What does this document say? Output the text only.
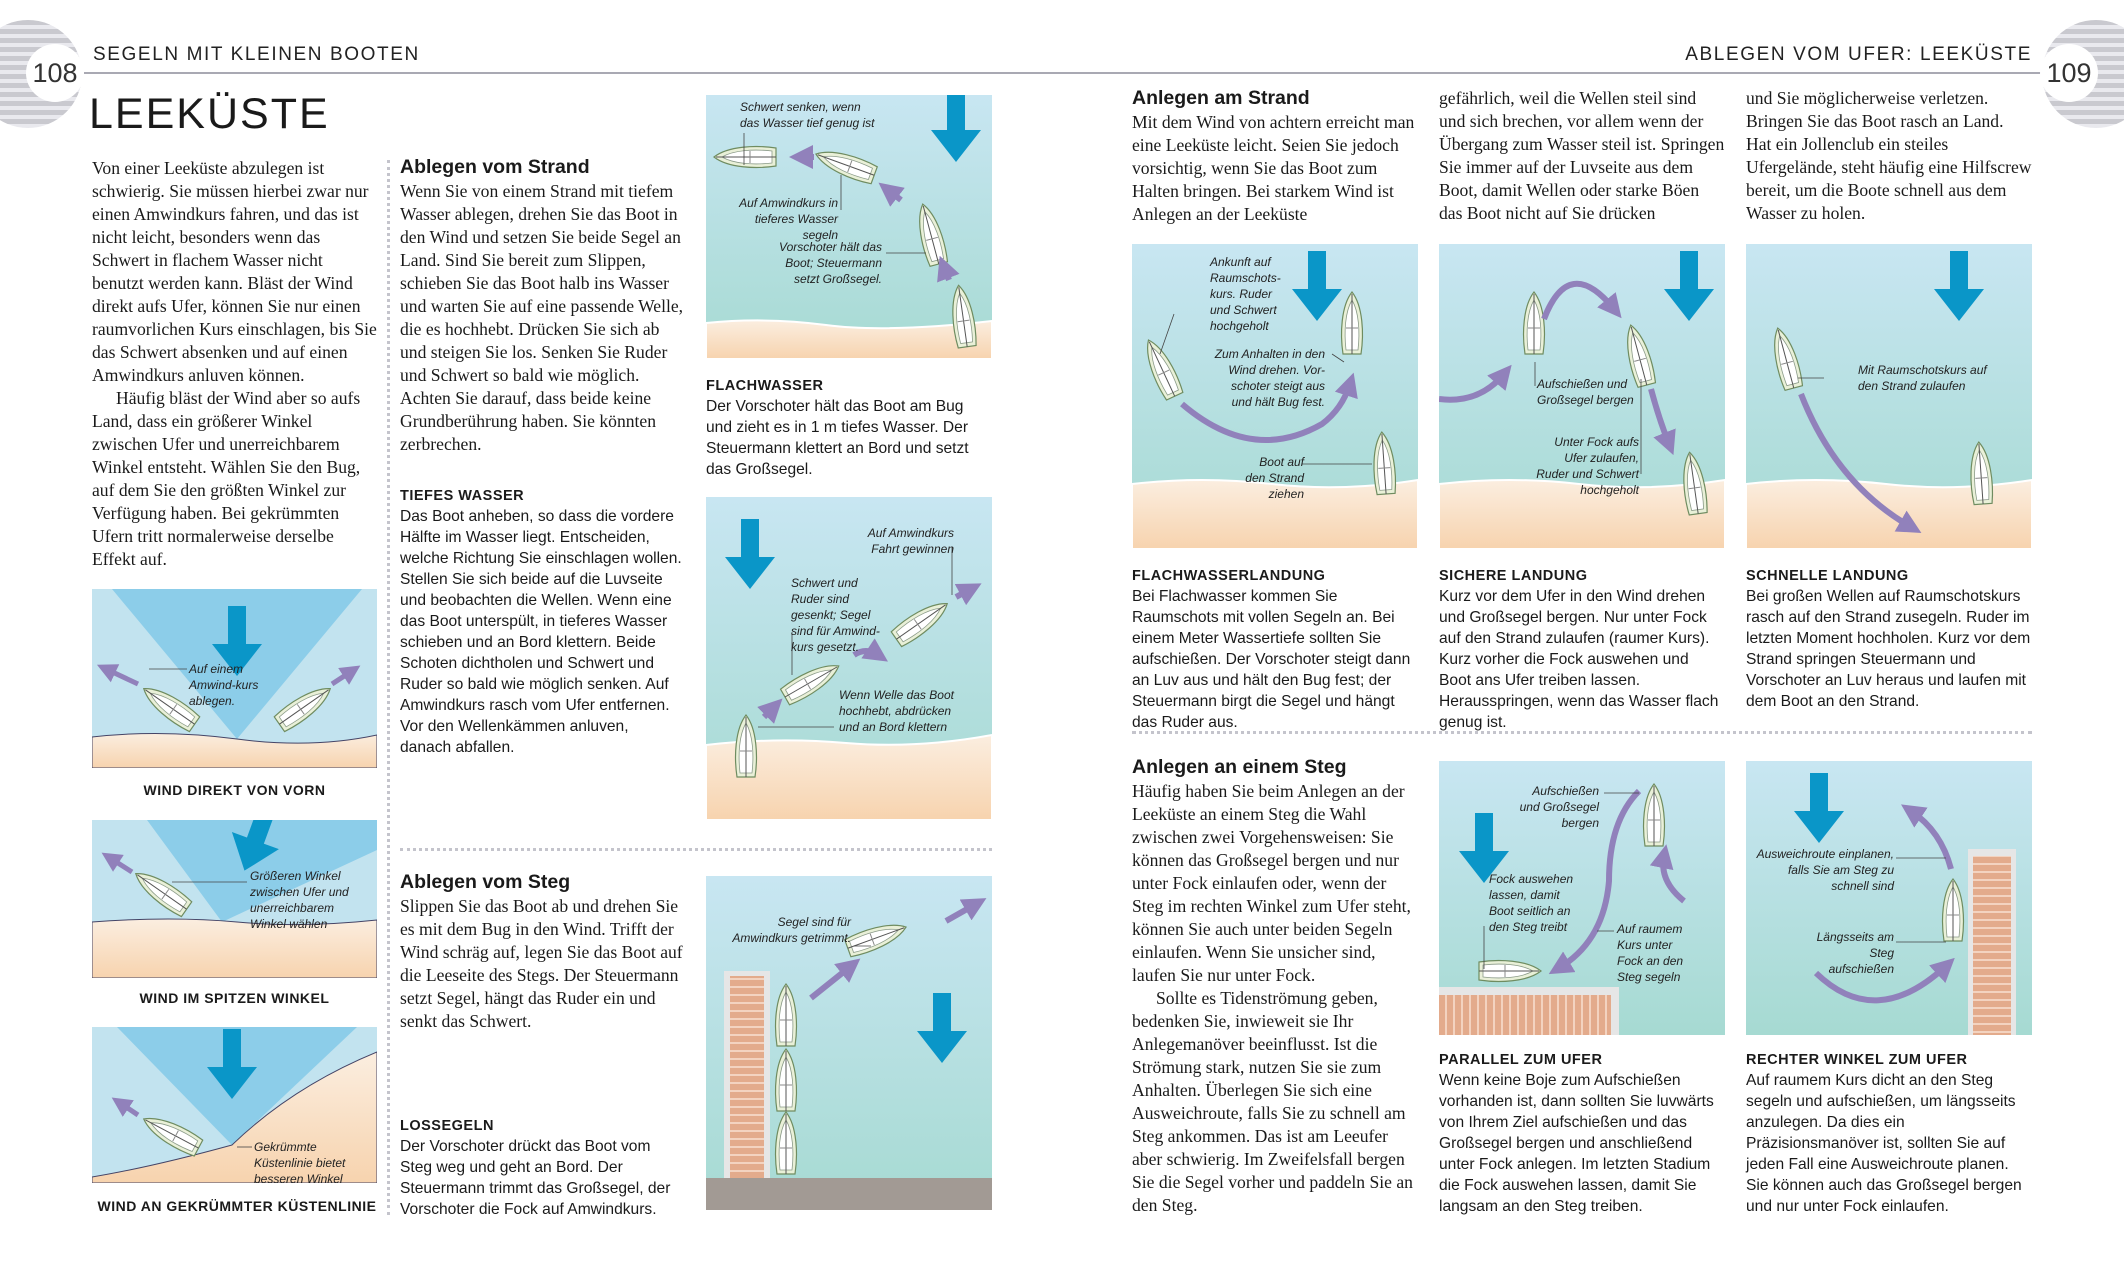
108
SEGELN MIT KLEINEN BOOTEN
LEEKÜSTE
ABLEGEN VOM UFER: LEEKÜSTE
109

Von einer Leeküste abzulegen ist schwierig. Sie müssen hierbei zwar nur einen Amwindkurs fahren, und das ist nicht leicht, besonders wenn das Schwert in flachem Wasser nicht benutzt werden kann. Bläst der Wind direkt aufs Ufer, können Sie nur einen raumvorlichen Kurs einschlagen, bis Sie das Schwert absenken und auf einen Amwindkurs anluven können.

Häufig bläst der Wind aber so aufs Land, dass ein größerer Winkel zwischen Ufer und unerreichbarem Winkel entsteht. Wählen Sie den Bug, auf dem Sie den größten Winkel zur Verfügung haben. Bei gekrümmten Ufern tritt normalerweise derselbe Effekt auf.

Auf einem Amwind-kurs ablegen.
WIND DIREKT VON VORN
Größeren Winkel zwischen Ufer und unerreichbarem Winkel wählen
WIND IM SPITZEN WINKEL
Gekrümmte Küstenlinie bietet besseren Winkel
WIND AN GEKRÜMMTER KÜSTENLINIE
Ablegen vom Strand
Wenn Sie von einem Strand mit tiefem Wasser ablegen, drehen Sie das Boot in den Wind und setzen Sie beide Segel an Land. Sind Sie bereit zum Slippen, schieben Sie das Boot halb ins Wasser und warten Sie auf eine passende Welle, die es hochhebt. Drücken Sie sich ab und steigen Sie los. Senken Sie Ruder und Schwert so bald wie möglich. Achten Sie darauf, dass beide keine Grundberührung haben. Sie könnten zerbrechen.
TIEFES WASSER
Das Boot anheben, so dass die vordere Hälfte im Wasser liegt. Entscheiden, welche Richtung Sie einschlagen wollen. Stellen Sie sich beide auf die Luvseite und beobachten die Wellen. Wenn eine das Boot unterspült, in tieferes Wasser schieben und an Bord klettern. Beide Schoten dichtholen und Schwert und Ruder so bald wie möglich senken. Auf Amwindkurs rasch vom Ufer entfernen. Vor den Wellenkämmen anluven, danach abfallen.
Ablegen vom Steg
Slippen Sie das Boot ab und drehen Sie es mit dem Bug in den Wind. Trifft der Wind schräg auf, legen Sie das Boot auf die Leeseite des Stegs. Der Steuermann setzt Segel, hängt das Ruder ein und senkt das Schwert.
LOSSEGELN
Der Vorschoter drückt das Boot vom Steg weg und geht an Bord. Der Steuermann trimmt das Großsegel, der Vorschoter die Fock auf Amwindkurs.
Schwert senken, wenn das Wasser tief genug ist
Auf Amwindkurs in tieferes Wasser segeln
Vorschoter hält das Boot; Steuermann setzt Großsegel.
FLACHWASSER
Der Vorschoter hält das Boot am Bug und zieht es in 1 m tiefes Wasser. Der Steuermann klettert an Bord und setzt das Großsegel.
Auf Amwindkurs Fahrt gewinnen
Schwert und Ruder sind gesenkt; Segel sind für Amwind-kurs gesetzt.
Wenn Welle das Boot hochhebt, abdrücken und an Bord klettern
Segel sind für Amwindkurs getrimmt.
Anlegen am Strand
Mit dem Wind von achtern erreicht man eine Leeküste leicht. Seien Sie jedoch vorsichtig, wenn Sie das Boot zum Halten bringen. Bei starkem Wind ist Anlegen an der Leeküste
gefährlich, weil die Wellen steil sind und sich brechen, vor allem wenn der Übergang zum Wasser steil ist. Springen Sie immer auf der Luvseite aus dem Boot, damit Wellen oder starke Böen das Boot nicht auf Sie drücken
und Sie möglicherweise verletzen. Bringen Sie das Boot rasch an Land. Hat ein Jollenclub ein steiles Ufergelände, steht häufig eine Hilfscrew bereit, um die Boote schnell aus dem Wasser zu holen.
Ankunft auf Raumschots-kurs. Ruder und Schwert hochgeholt
Zum Anhalten in den Wind drehen. Vor-schoter steigt aus und hält Bug fest.
Boot auf den Strand ziehen
Aufschießen und Großsegel bergen
Unter Fock aufs Ufer zulaufen, Ruder und Schwert hochgeholt
Mit Raumschotskurs auf den Strand zulaufen
FLACHWASSERLANDUNG
Bei Flachwasser kommen Sie Raumschots mit vollen Segeln an. Bei einem Meter Wassertiefe sollten Sie aufschießen. Der Vorschoter steigt dann an Luv aus und hält den Bug fest; der Steuermann birgt die Segel und hängt das Ruder aus.
SICHERE LANDUNG
Kurz vor dem Ufer in den Wind drehen und Großsegel bergen. Nur unter Fock auf den Strand zulaufen (raumer Kurs). Kurz vorher die Fock auswehen und Boot ans Ufer treiben lassen. Herausspringen, wenn das Wasser flach genug ist.
SCHNELLE LANDUNG
Bei großen Wellen auf Raumschotskurs rasch auf den Strand zusegeln. Ruder im letzten Moment hochholen. Kurz vor dem Strand springen Steuermann und Vorschoter an Luv heraus und laufen mit dem Boot an den Strand.
Anlegen an einem Steg

Häufig haben Sie beim Anlegen an der Leeküste an einem Steg die Wahl zwischen zwei Vorgehensweisen: Sie können das Großsegel bergen und nur unter Fock einlaufen oder, wenn der Steg im rechten Winkel zum Ufer steht, können Sie auch unter beiden Segeln einlaufen. Wenn Sie unsicher sind, laufen Sie nur unter Fock.

Sollte es Tidenströmung geben, bedenken Sie, inwieweit sie Ihr Anlegemanöver beeinflusst. Ist die Strömung stark, nutzen Sie sie zum Anhalten. Überlegen Sie sich eine Ausweichroute, falls Sie zu schnell am Steg ankommen. Das ist am Leeufer aber schwierig. Im Zweifelsfall bergen Sie die Segel vorher und paddeln Sie an den Steg.

Aufschießen und Großsegel bergen
Fock auswehen lassen, damit Boot seitlich an den Steg treibt	Auf raumem Kurs unter Fock an den Steg segeln
Ausweichroute einplanen, falls Sie am Steg zu schnell sind
Längsseits am Steg aufschießen
PARALLEL ZUM UFER
Wenn keine Boje zum Aufschießen vorhanden ist, dann sollten Sie luvwärts von Ihrem Ziel aufschießen und das Großsegel bergen und anschließend unter Fock anlegen. Im letzten Stadium die Fock auswehen lassen, damit Sie langsam an den Steg treiben.
RECHTER WINKEL ZUM UFER
Auf raumem Kurs dicht an den Steg segeln und aufschießen, um längsseits anzulegen. Da dies ein Präzisionsmanöver ist, sollten Sie auf jeden Fall eine Ausweichroute planen. Sie können auch das Großsegel bergen und nur unter Fock einlaufen.
